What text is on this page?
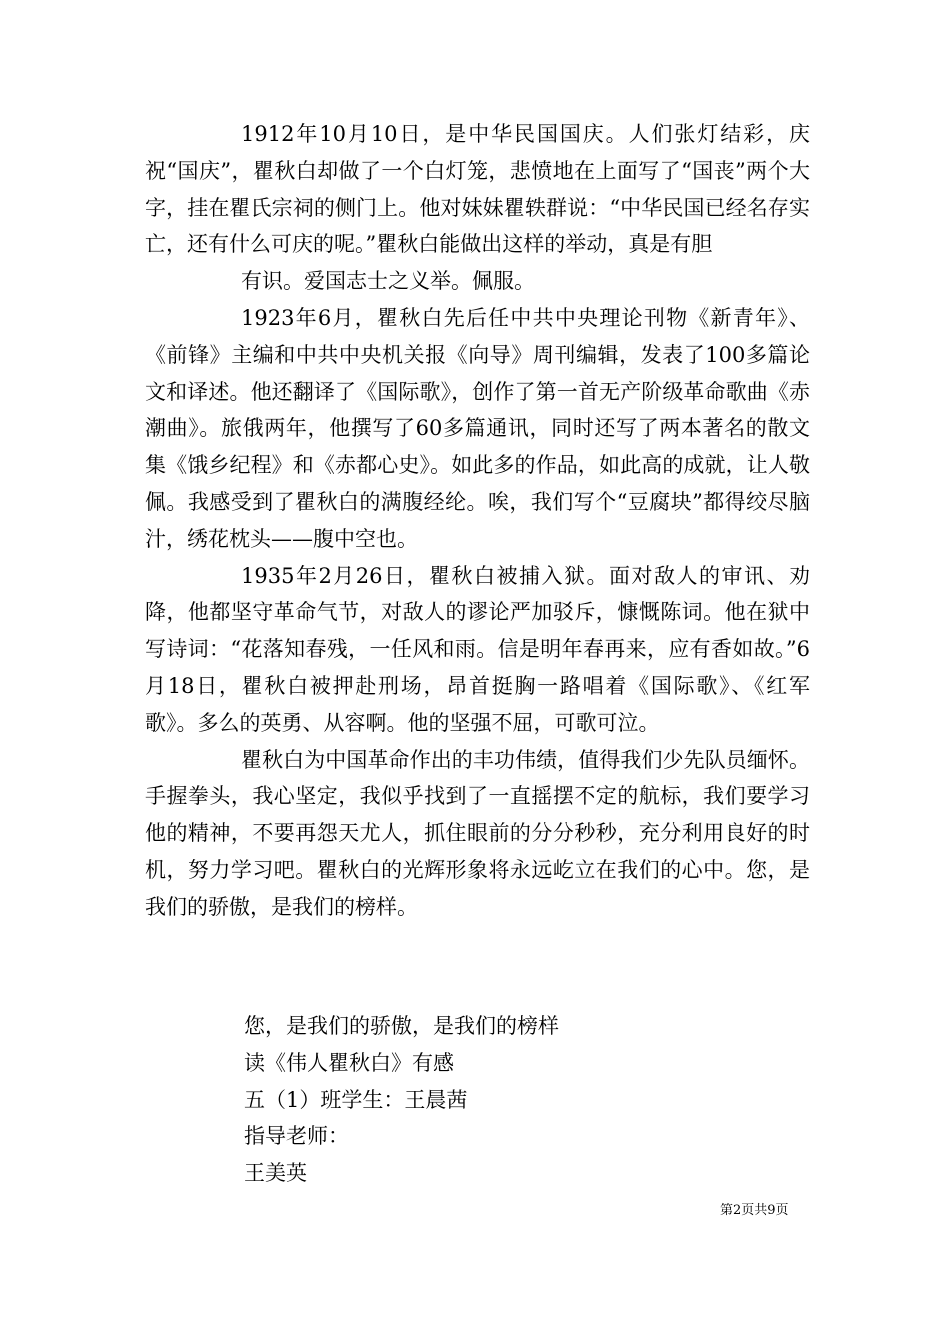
1912年10月10日，是中华民国国庆。人们张灯结彩，庆祝“国庆”，瞿秋白却做了一个白灯笼，悲愤地在上面写了“国丧”两个大字，挂在瞿氏宗祠的侧门上。他对妹妹瞿轶群说：“中华民国已经名存实亡，还有什么可庆的呢。”瞿秋白能做出这样的举动，真是有胆

有识。爱国志士之义举。佩服。

1923年6月，瞿秋白先后任中共中央理论刊物《新青年》、《前锋》主编和中共中央机关报《向导》周刊编辑，发表了100多篇论文和译述。他还翻译了《国际歌》，创作了第一首无产阶级革命歌曲《赤潮曲》。旅俄两年，他撰写了60多篇通讯，同时还写了两本著名的散文集《饿乡纪程》和《赤都心史》。如此多的作品，如此高的成就，让人敬佩。我感受到了瞿秋白的满腹经纶。唉，我们写个“豆腐块”都得绞尽脑汁，绣花枕头——腹中空也。

1935年2月26日，瞿秋白被捕入狱。面对敌人的审讯、劝降，他都坚守革命气节，对敌人的谬论严加驳斥，慷慨陈词。他在狱中写诗词：“花落知春残，一任风和雨。信是明年春再来，应有香如故。”6月18日，瞿秋白被押赴刑场，昂首挺胸一路唱着《国际歌》、《红军歌》。多么的英勇、从容啊。他的坚强不屈，可歌可泣。

瞿秋白为中国革命作出的丰功伟绩，值得我们少先队员缅怀。手握拳头，我心坚定，我似乎找到了一直摇摆不定的航标，我们要学习他的精神，不要再怨天尤人，抓住眼前的分分秒秒，充分利用良好的时机，努力学习吧。瞿秋白的光辉形象将永远屹立在我们的心中。您，是我们的骄傲，是我们的榜样。

您，是我们的骄傲，是我们的榜样
读《伟人瞿秋白》有感
五（1）班学生：王晨茜
指导老师：
王美英
第2页共9页
